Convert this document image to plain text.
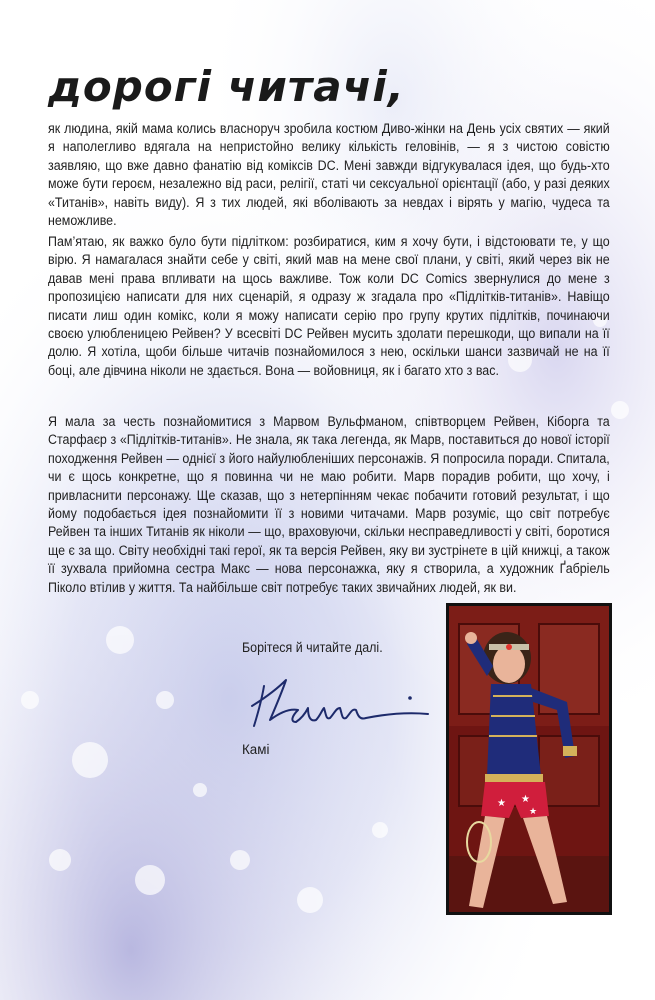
дорогі читачі,

як людина, якій мама колись власноруч зробила костюм Диво-жінки на День усіх святих — який я наполегливо вдягала на непристойно велику кількість геловінів, — я з чистою совістю заявляю, що вже давно фанатію від коміксів DC. Мені завжди відгукувалася ідея, що будь-хто може бути героєм, незалежно від раси, релігії, статі чи сексуальної орієнтації (або, у разі деяких «Титанів», навіть виду). Я з тих людей, які вболівають за невдах і вірять у магію, чудеса та неможливе.

Пам’ятаю, як важко було бути підлітком: розбиратися, ким я хочу бути, і відстоювати те, у що вірю. Я намагалася знайти себе у світі, який мав на мене свої плани, у світі, який через вік не давав мені права впливати на щось важливе. Тож коли DC Comics звернулися до мене з пропозицією написати для них сценарій, я одразу ж згадала про «Підлітків-титанів». Навіщо писати лиш один комікс, коли я можу написати серію про групу крутих підлітків, починаючи своєю улюбленицею Рейвен? У всесвіті DC Рейвен мусить здолати перешкоди, що випали на її долю. Я хотіла, щоби більше читачів познайомилося з нею, оскільки шанси зазвичай не на її боці, але дівчина ніколи не здається. Вона — войовниця, як і багато хто з вас.

Я мала за честь познайомитися з Марвом Вульфманом, співтворцем Рейвен, Кіборга та Старфаєр з «Підлітків-титанів». Не знала, як така легенда, як Марв, поставиться до нової історії походження Рейвен — однієї з його найулюбленіших персонажів. Я попросила поради. Спитала, чи є щось конкретне, що я повинна чи не маю робити. Марв порадив робити, що хочу, і привласнити персонажу. Ще сказав, що з нетерпінням чекає побачити готовий результат, і що йому подобається ідея познайомити її з новими читачами. Марв розуміє, що світ потребує Рейвен та інших Титанів як ніколи — що, враховуючи, скільки несправедливості у світі, боротися ще є за що. Світу необхідні такі герої, як та версія Рейвен, яку ви зустрінете в цій книжці, а також її зухвала прийомна сестра Макс — нова персонажка, яку я створила, а художник Ґабріель Піколо втілив у життя. Та найбільше світ потребує таких звичайних людей, як ви.

Борітеся й читайте далі.

Камі

★ ★
★
